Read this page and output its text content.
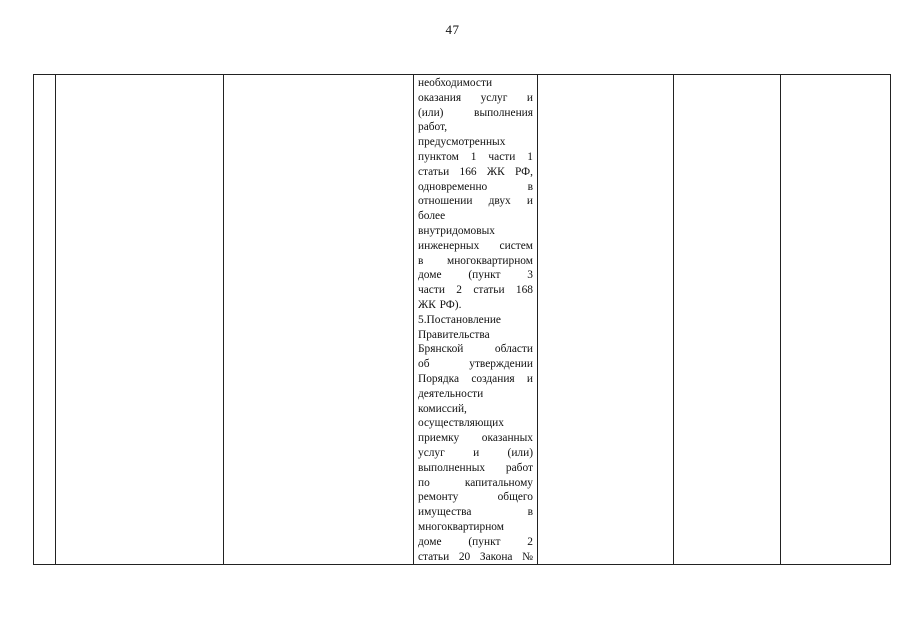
47

необходимости
оказания услуг и
(или) выполнения
работ,
предусмотренных
пунктом 1 части 1
статьи 166 ЖК РФ,
одновременно в
отношении двух и
более
внутридомовых
инженерных систем
в многоквартирном
доме (пункт 3
части 2 статьи 168
ЖК РФ).
5.Постановление
Правительства
Брянской области
об утверждении
Порядка создания и
деятельности
комиссий,
осуществляющих
приемку оказанных
услуг и (или)
выполненных работ
по капитальному
ремонту общего
имущества в
многоквартирном
доме (пункт 2
статьи 20 Закона №
